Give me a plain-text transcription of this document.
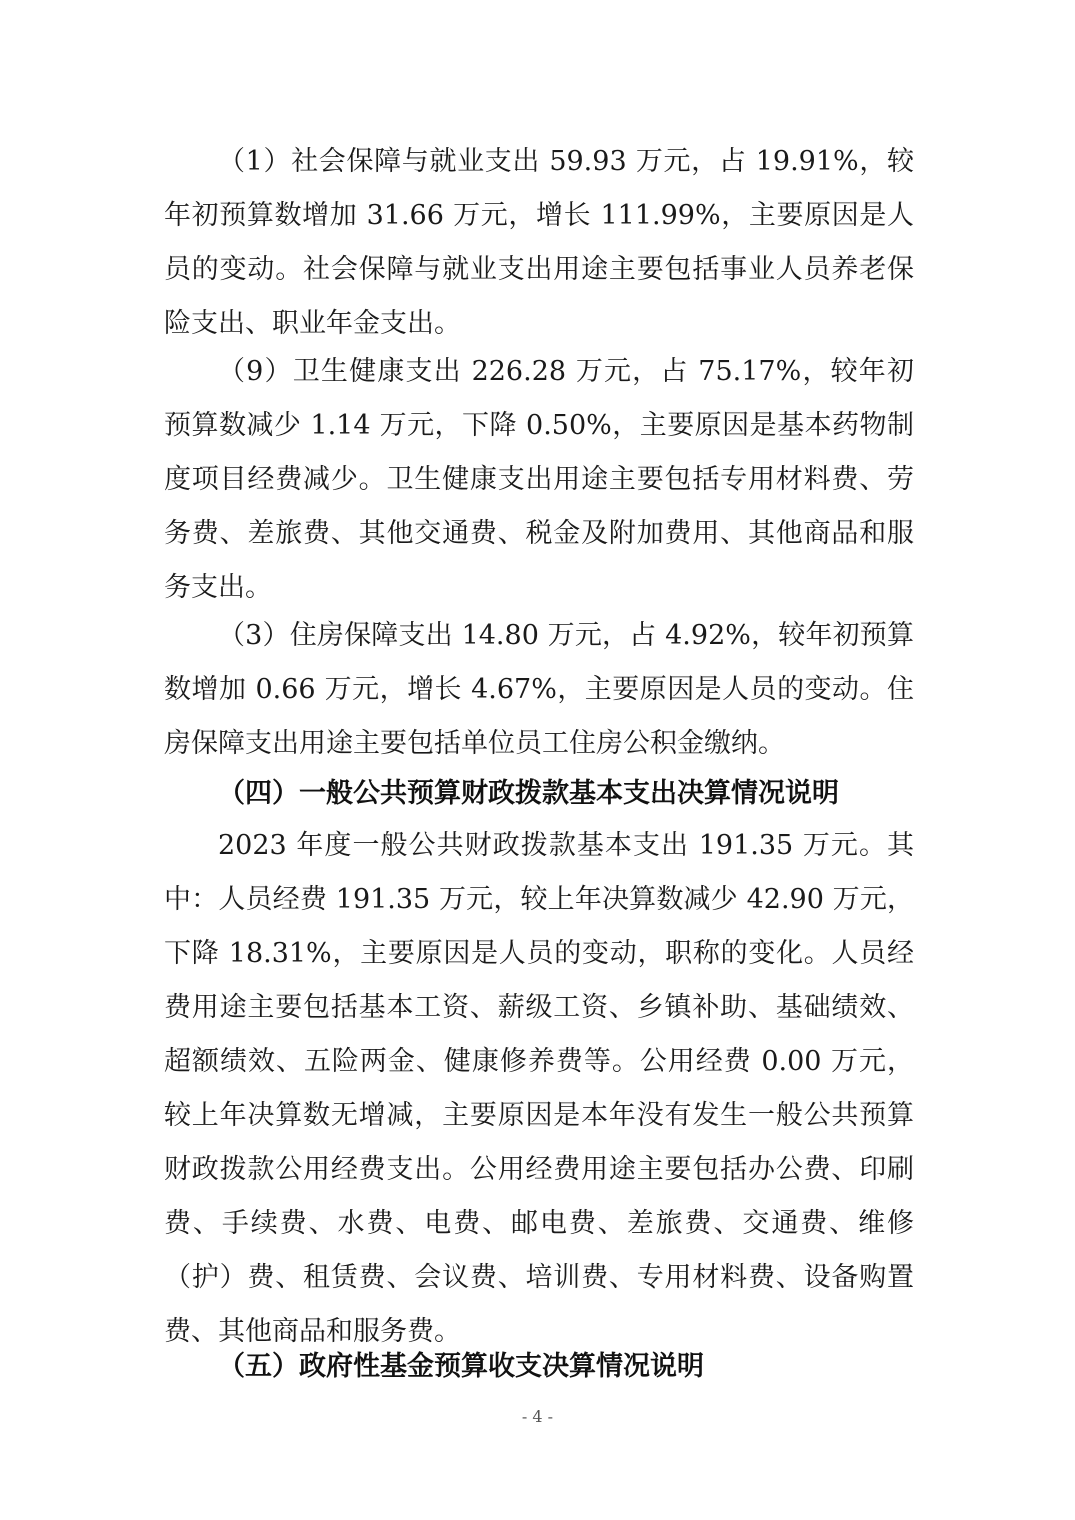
（1）社会保障与就业支出 59.93 万元，占 19.91%，较年初预算数增加 31.66 万元，增长 111.99%，主要原因是人员的变动。社会保障与就业支出用途主要包括事业人员养老保险支出、职业年金支出。

（9）卫生健康支出 226.28 万元，占 75.17%，较年初预算数减少 1.14 万元，下降 0.50%，主要原因是基本药物制度项目经费减少。卫生健康支出用途主要包括专用材料费、劳务费、差旅费、其他交通费、税金及附加费用、其他商品和服务支出。

（3）住房保障支出 14.80 万元，占 4.92%，较年初预算数增加 0.66 万元，增长 4.67%，主要原因是人员的变动。住房保障支出用途主要包括单位员工住房公积金缴纳。

（四）一般公共预算财政拨款基本支出决算情况说明

2023 年度一般公共财政拨款基本支出 191.35 万元。其中：人员经费 191.35 万元，较上年决算数减少 42.90 万元，下降 18.31%，主要原因是人员的变动，职称的变化。人员经费用途主要包括基本工资、薪级工资、乡镇补助、基础绩效、超额绩效、五险两金、健康修养费等。公用经费 0.00 万元，较上年决算数无增减，主要原因是本年没有发生一般公共预算财政拨款公用经费支出。公用经费用途主要包括办公费、印刷费、手续费、水费、电费、邮电费、差旅费、交通费、维修（护）费、租赁费、会议费、培训费、专用材料费、设备购置费、其他商品和服务费。

（五）政府性基金预算收支决算情况说明

- 4 -
